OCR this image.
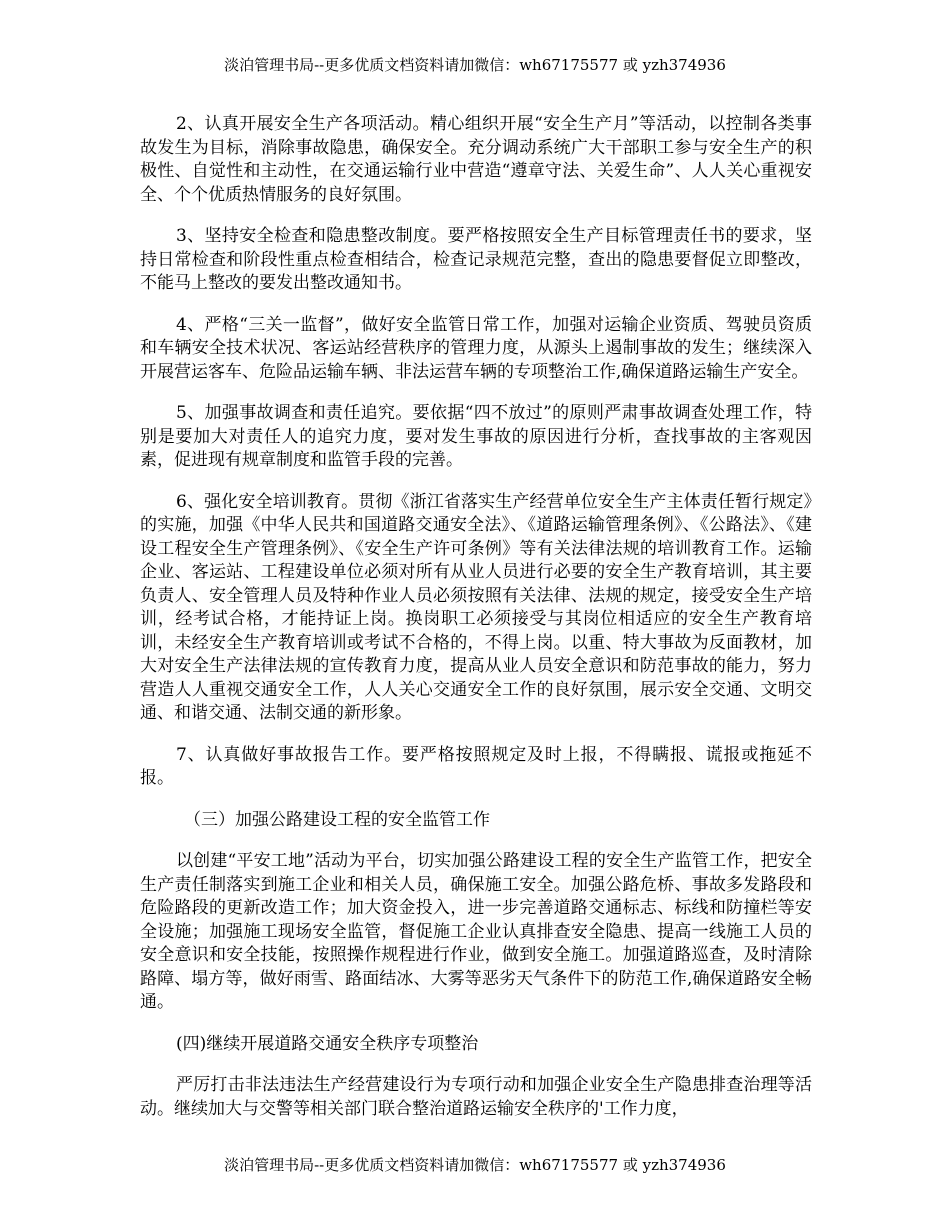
淡泊管理书局--更多优质文档资料请加微信：wh67175577 或 yzh374936

2、认真开展安全生产各项活动。精心组织开展“安全生产月”等活动，以控制各类事故发生为目标，消除事故隐患，确保安全。充分调动系统广大干部职工参与安全生产的积极性、自觉性和主动性，在交通运输行业中营造“遵章守法、关爱生命”、人人关心重视安全、个个优质热情服务的良好氛围。

3、坚持安全检查和隐患整改制度。要严格按照安全生产目标管理责任书的要求，坚持日常检查和阶段性重点检查相结合，检查记录规范完整，查出的隐患要督促立即整改，不能马上整改的要发出整改通知书。

4、严格“三关一监督”，做好安全监管日常工作，加强对运输企业资质、驾驶员资质和车辆安全技术状况、客运站经营秩序的管理力度，从源头上遏制事故的发生；继续深入开展营运客车、危险品运输车辆、非法运营车辆的专项整治工作,确保道路运输生产安全。

5、加强事故调查和责任追究。要依据“四不放过”的原则严肃事故调查处理工作，特别是要加大对责任人的追究力度，要对发生事故的原因进行分析，查找事故的主客观因素，促进现有规章制度和监管手段的完善。

6、强化安全培训教育。贯彻《浙江省落实生产经营单位安全生产主体责任暂行规定》的实施，加强《中华人民共和国道路交通安全法》、《道路运输管理条例》、《公路法》、《建设工程安全生产管理条例》、《安全生产许可条例》等有关法律法规的培训教育工作。运输企业、客运站、工程建设单位必须对所有从业人员进行必要的安全生产教育培训，其主要负责人、安全管理人员及特种作业人员必须按照有关法律、法规的规定，接受安全生产培训，经考试合格，才能持证上岗。换岗职工必须接受与其岗位相适应的安全生产教育培训，未经安全生产教育培训或考试不合格的，不得上岗。以重、特大事故为反面教材，加大对安全生产法律法规的宣传教育力度，提高从业人员安全意识和防范事故的能力，努力营造人人重视交通安全工作，人人关心交通安全工作的良好氛围，展示安全交通、文明交通、和谐交通、法制交通的新形象。

7、认真做好事故报告工作。要严格按照规定及时上报，不得瞒报、谎报或拖延不报。

（三）加强公路建设工程的安全监管工作

以创建“平安工地”活动为平台，切实加强公路建设工程的安全生产监管工作，把安全生产责任制落实到施工企业和相关人员，确保施工安全。加强公路危桥、事故多发路段和危险路段的更新改造工作；加大资金投入，进一步完善道路交通标志、标线和防撞栏等安全设施；加强施工现场安全监管，督促施工企业认真排查安全隐患、提高一线施工人员的安全意识和安全技能，按照操作规程进行作业，做到安全施工。加强道路巡查，及时清除路障、塌方等，做好雨雪、路面结冰、大雾等恶劣天气条件下的防范工作,确保道路安全畅通。

(四)继续开展道路交通安全秩序专项整治

严厉打击非法违法生产经营建设行为专项行动和加强企业安全生产隐患排查治理等活动。继续加大与交警等相关部门联合整治道路运输安全秩序的'工作力度，

淡泊管理书局--更多优质文档资料请加微信：wh67175577 或 yzh374936
